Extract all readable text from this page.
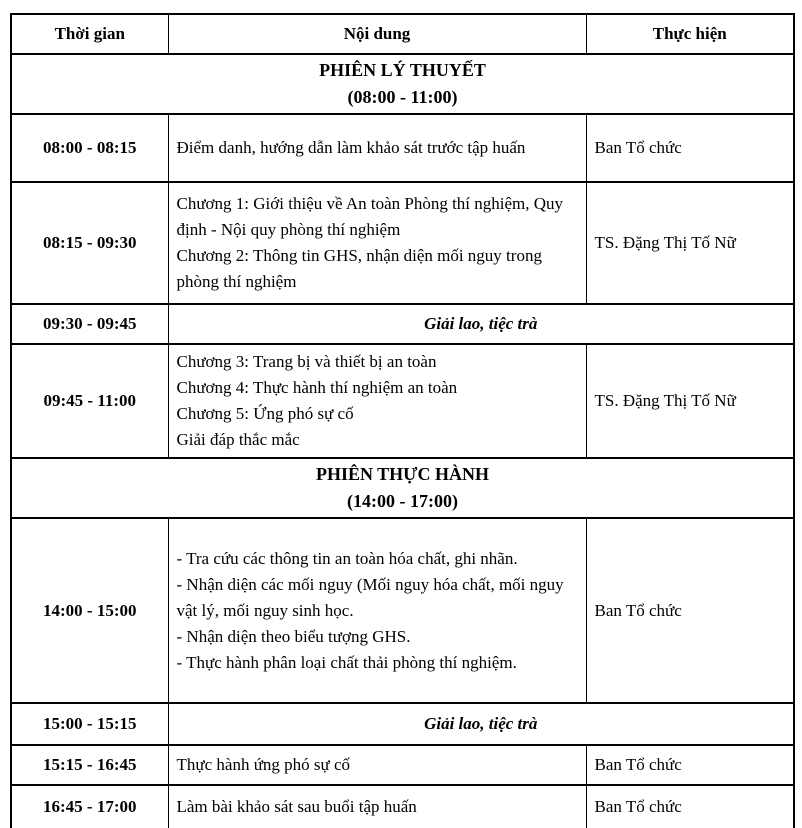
Thời gian	Nội dung	Thực hiện

PHIÊN LÝ THUYẾT
(08:00 - 11:00)		

08:00 - 08:15	Điểm danh, hướng dẫn làm khảo sát trước tập huấn	Ban Tổ chức
08:15 - 09:30	Chương 1: Giới thiệu về An toàn Phòng thí nghiệm, Quy định - Nội quy phòng thí nghiệm
Chương 2: Thông tin GHS, nhận diện mối nguy trong phòng thí nghiệm	TS. Đặng Thị Tố Nữ
09:30 - 09:45	Giải lao, tiệc trà	
09:45 - 11:00	Chương 3: Trang bị và thiết bị an toàn
Chương 4: Thực hành thí nghiệm an toàn
Chương 5: Ứng phó sự cố
Giải đáp thắc mắc	TS. Đặng Thị Tố Nữ

PHIÊN THỰC HÀNH
(14:00 - 17:00)		

14:00 - 15:00	- Tra cứu các thông tin an toàn hóa chất, ghi nhãn.
- Nhận diện các mối nguy (Mối nguy hóa chất, mối nguy vật lý, mối nguy sinh học.
- Nhận diện theo biểu tượng GHS.
- Thực hành phân loại chất thải phòng thí nghiệm.	Ban Tổ chức
15:00 - 15:15	Giải lao, tiệc trà	
15:15 - 16:45	Thực hành ứng phó sự cố	Ban Tổ chức
16:45 - 17:00	Làm bài khảo sát sau buổi tập huấn	Ban Tổ chức
